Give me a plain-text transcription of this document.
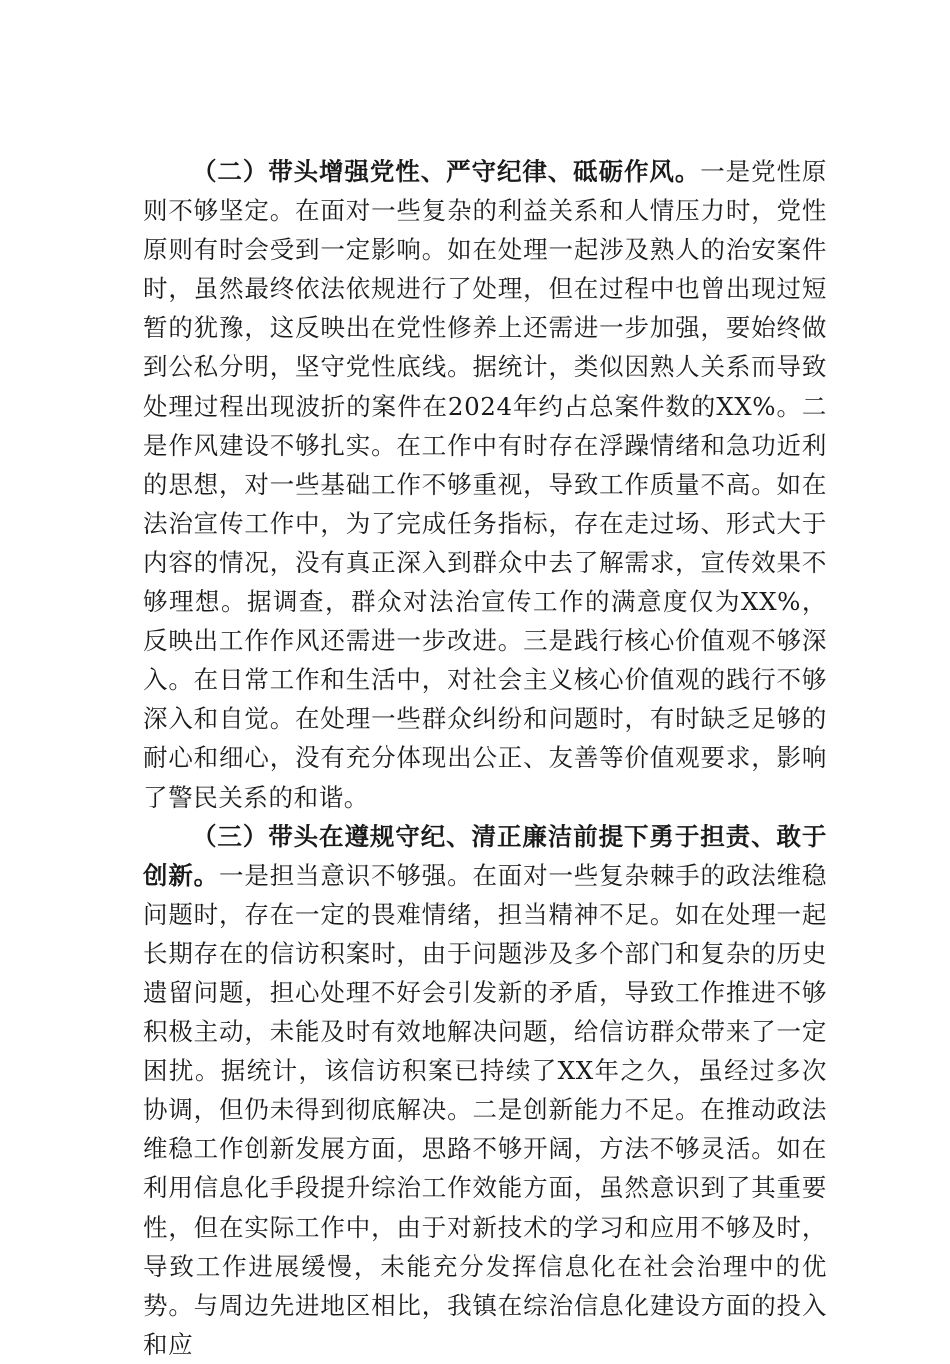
（二）带头增强党性、严守纪律、砥砺作风。一是党性原则不够坚定。在面对一些复杂的利益关系和人情压力时，党性原则有时会受到一定影响。如在处理一起涉及熟人的治安案件时，虽然最终依法依规进行了处理，但在过程中也曾出现过短暂的犹豫，这反映出在党性修养上还需进一步加强，要始终做到公私分明，坚守党性底线。据统计，类似因熟人关系而导致处理过程出现波折的案件在2024年约占总案件数的XX%。二是作风建设不够扎实。在工作中有时存在浮躁情绪和急功近利的思想，对一些基础工作不够重视，导致工作质量不高。如在法治宣传工作中，为了完成任务指标，存在走过场、形式大于内容的情况，没有真正深入到群众中去了解需求，宣传效果不够理想。据调查，群众对法治宣传工作的满意度仅为XX%，反映出工作作风还需进一步改进。三是践行核心价值观不够深入。在日常工作和生活中，对社会主义核心价值观的践行不够深入和自觉。在处理一些群众纠纷和问题时，有时缺乏足够的耐心和细心，没有充分体现出公正、友善等价值观要求，影响了警民关系的和谐。

（三）带头在遵规守纪、清正廉洁前提下勇于担责、敢于创新。一是担当意识不够强。在面对一些复杂棘手的政法维稳问题时，存在一定的畏难情绪，担当精神不足。如在处理一起长期存在的信访积案时，由于问题涉及多个部门和复杂的历史遗留问题，担心处理不好会引发新的矛盾，导致工作推进不够积极主动，未能及时有效地解决问题，给信访群众带来了一定困扰。据统计，该信访积案已持续了XX年之久，虽经过多次协调，但仍未得到彻底解决。二是创新能力不足。在推动政法维稳工作创新发展方面，思路不够开阔，方法不够灵活。如在利用信息化手段提升综治工作效能方面，虽然意识到了其重要性，但在实际工作中，由于对新技术的学习和应用不够及时，导致工作进展缓慢，未能充分发挥信息化在社会治理中的优势。与周边先进地区相比，我镇在综治信息化建设方面的投入和应
